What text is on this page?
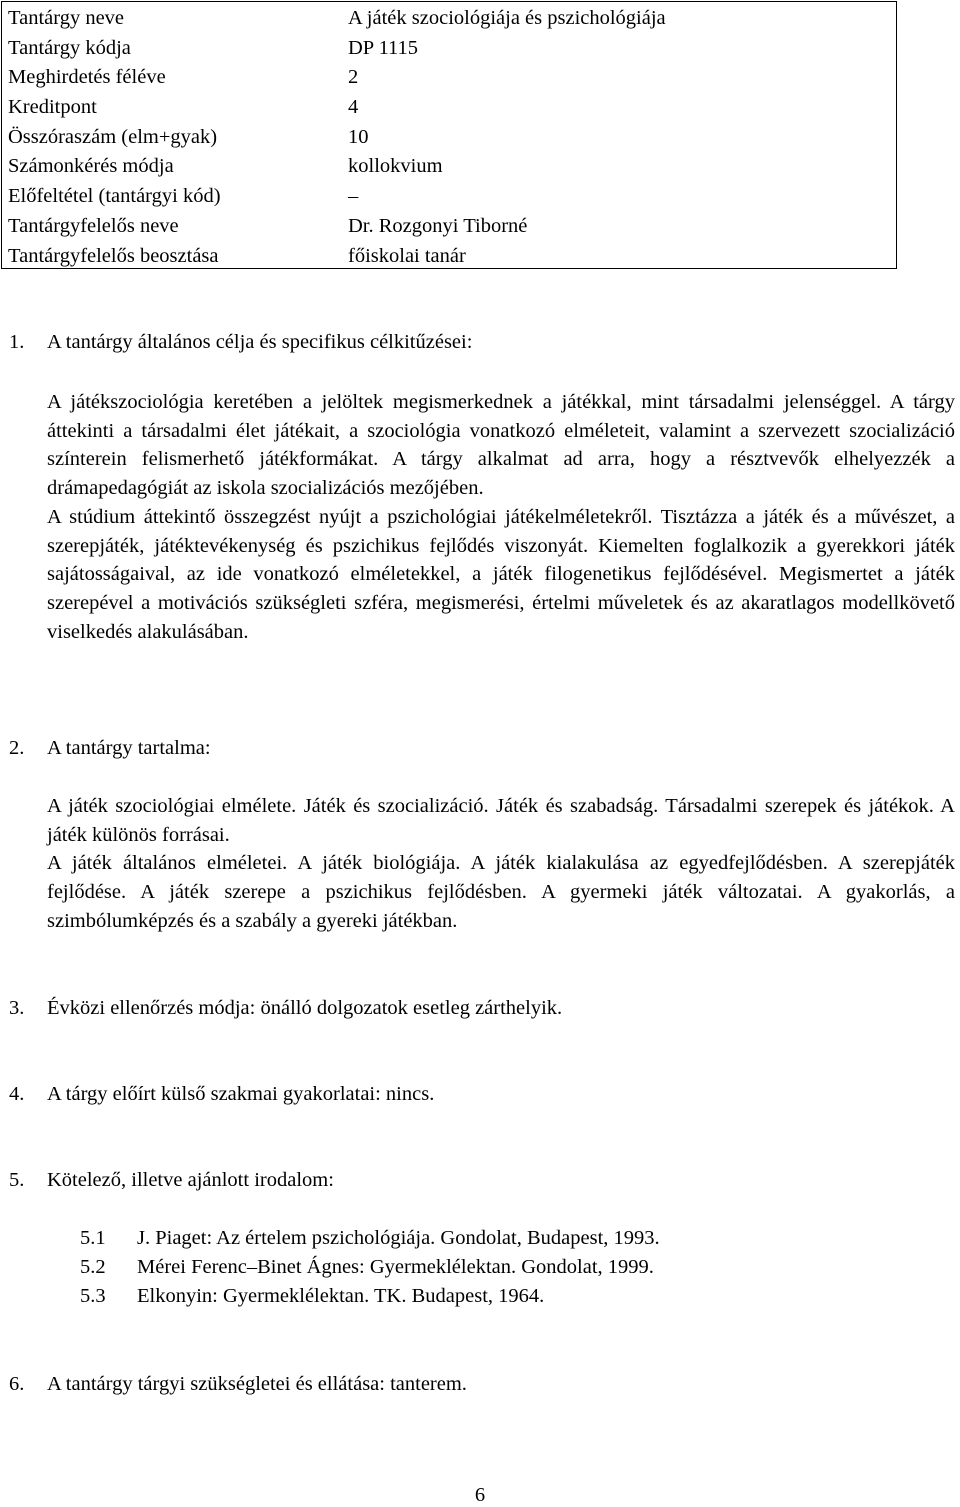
Tantárgy neve	A játék szociológiája és pszichológiája
Tantárgy kódja	DP 1115
Meghirdetés féléve	2
Kreditpont	4
Összóraszám (elm+gyak)	10
Számonkérés módja	kollokvium
Előfeltétel (tantárgyi kód)	–
Tantárgyfelelős neve	Dr. Rozgonyi Tiborné
Tantárgyfelelős beosztása	főiskolai tanár
1.	A tantárgy általános célja és specifikus célkitűzései:
A játékszociológia keretében a jelöltek megismerkednek a játékkal, mint társadalmi jelenséggel. A tárgy áttekinti a társadalmi élet játékait, a szociológia vonatkozó elméleteit, valamint a szervezett szocializáció színterein felismerhető játékformákat. A tárgy alkalmat ad arra, hogy a résztvevők elhelyezzék a drámapedagógiát az iskola szocializációs mezőjében.
A stúdium áttekintő összegzést nyújt a pszichológiai játékelméletekről. Tisztázza a játék és a művészet, a szerepjáték, játéktevékenység és pszichikus fejlődés viszonyát. Kiemelten foglalkozik a gyerekkori játék sajátosságaival, az ide vonatkozó elméletekkel, a játék filogenetikus fejlődésével. Megismertet a játék szerepével a motivációs szükségleti szféra, megismerési, értelmi műveletek és az akaratlagos modellkövető viselkedés alakulásában.
2.	A tantárgy tartalma:
A játék szociológiai elmélete. Játék és szocializáció. Játék és szabadság. Társadalmi szerepek és játékok. A játék különös forrásai.
A játék általános elméletei. A játék biológiája. A játék kialakulása az egyedfejlődésben. A szerepjáték fejlődése. A játék szerepe a pszichikus fejlődésben. A gyermeki játék változatai. A gyakorlás, a szimbólumképzés és a szabály a gyereki játékban.
3.	Évközi ellenőrzés módja: önálló dolgozatok esetleg zárthelyik.
4.	A tárgy előírt külső szakmai gyakorlatai: nincs.
5.	Kötelező, illetve ajánlott irodalom:
5.1	J. Piaget: Az értelem pszichológiája. Gondolat, Budapest, 1993.
5.2	Mérei Ferenc–Binet Ágnes: Gyermeklélektan. Gondolat, 1999.
5.3	Elkonyin: Gyermeklélektan. TK. Budapest, 1964.
6.	A tantárgy tárgyi szükségletei és ellátása: tanterem.
6
